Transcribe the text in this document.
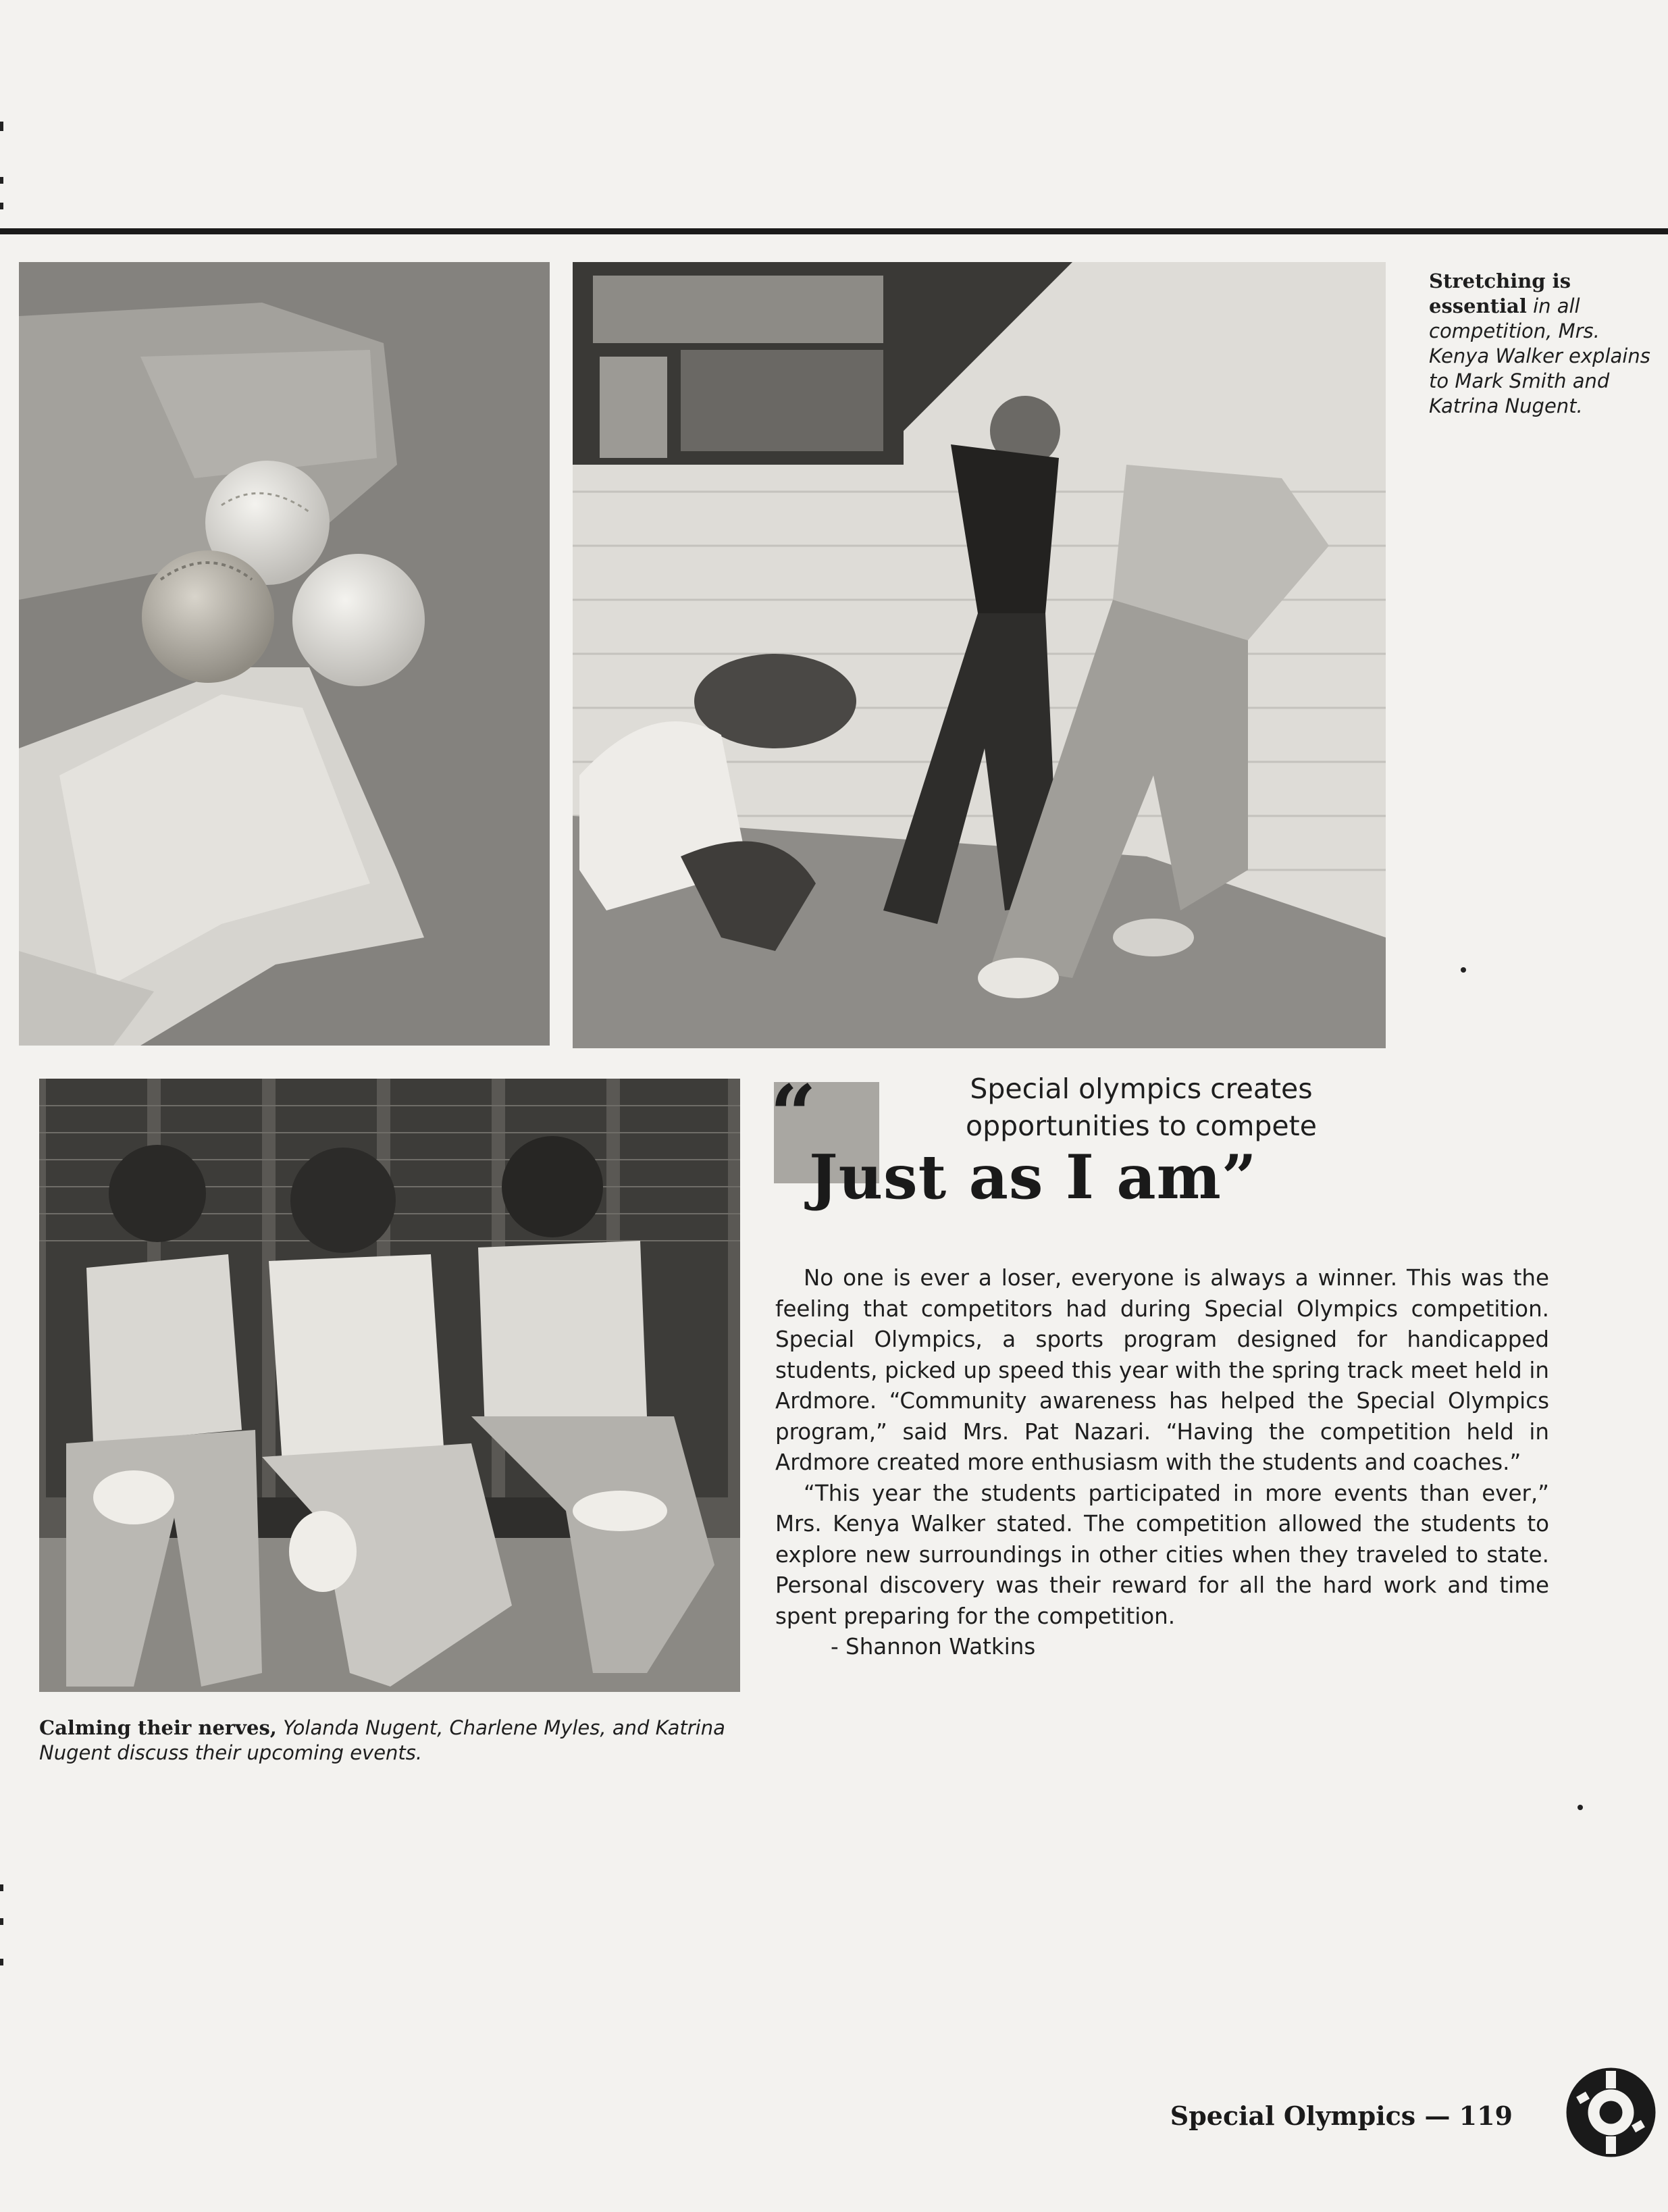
Stretching is essential in all competition, Mrs. Kenya Walker explains to Mark Smith and Katrina Nugent.
Calming their nerves, Yolanda Nugent, Charlene Myles, and Katrina Nugent discuss their upcoming events.
“	Special olympics creates
opportunities to compete
Just as I am”

No one is ever a loser, everyone is always a winner. This was the feeling that competitors had during Special Olympics competition. Special Olympics, a sports program designed for handicapped students, picked up speed this year with the spring track meet held in Ardmore. “Community awareness has helped the Special Olympics program,” said Mrs. Pat Nazari. “Having the competition held in Ardmore created more enthusiasm with the students and coaches.”

“This year the students participated in more events than ever,” Mrs. Kenya Walker stated. The competition allowed the students to explore new surroundings in other cities when they traveled to state. Personal discovery was their reward for all the hard work and time spent preparing for the competition.

- Shannon Watkins

Special Olympics — 119
